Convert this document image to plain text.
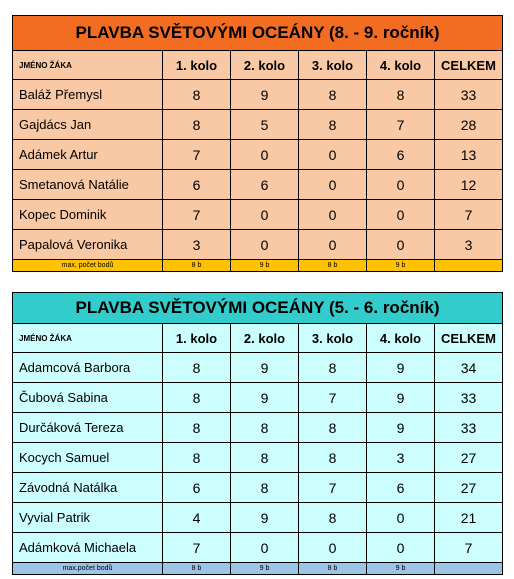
PLAVBA SVĚTOVÝMI OCEÁNY (8. - 9. ročník)					
JMÉNO ŽÁKA	1. kolo	2. kolo	3. kolo	4. kolo	CELKEM
Baláž Přemysl	8	9	8	8	33
Gajdács Jan	8	5	8	7	28
Adámek Artur	7	0	0	6	13
Smetanová Natálie	6	6	0	0	12
Kopec Dominik	7	0	0	0	7
Papalová Veronika	3	0	0	0	3
max. počet bodů	8 b	9 b	8 b	9 b	
PLAVBA SVĚTOVÝMI OCEÁNY (5. - 6. ročník)					
JMÉNO ŽÁKA	1. kolo	2. kolo	3. kolo	4. kolo	CELKEM
Adamcová Barbora	8	9	8	9	34
Čubová Sabina	8	9	7	9	33
Durčáková Tereza	8	8	8	9	33
Kocych Samuel	8	8	8	3	27
Závodná Natálka	6	8	7	6	27
Vyvial Patrik	4	9	8	0	21
Adámková Michaela	7	0	0	0	7
max.počet bodů	8 b	9 b	8 b	9 b	
